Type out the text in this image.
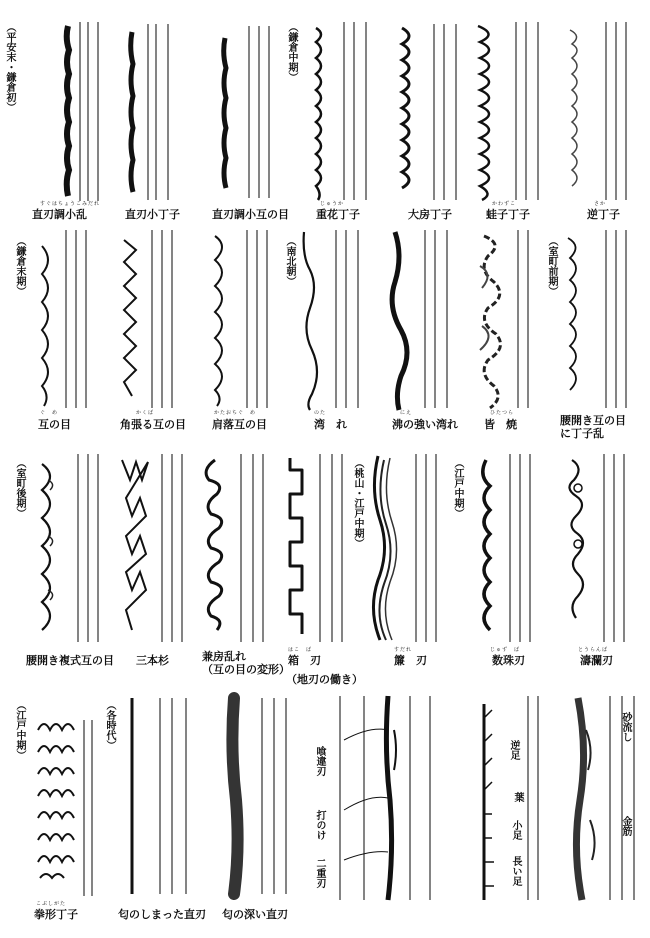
（平安末・鎌倉初）
すぐはちょうこみだれ
直刃調小乱	直刃小丁子	直刃調小互の目
（鎌倉中期）
じゅうか
重花丁子	大房丁子
かわずこ
蛙子丁子
さか
逆丁子
（鎌倉末期）
ぐ　め
互の目
かくば
角張る互の目
かたおちぐ　め
肩落互の目
（南北朝）
のた
湾　れ
にえ
沸の強い湾れ
ひたつら
皆　焼
（室町前期）
腰開き互の目
に丁子乱
（室町後期）
腰開き複式互の目 三本杉	兼房乱れ
（互の目の変形）
はこ　ば
箱　刃
（桃山・江戸中期）
すだれ
簾　刃
（江戸中期）
じゅず　ば
数珠刃
とうらんば
濤瀾刃
（地刃の働き）
（江戸中期）
こぶしがた
拳形丁子
（各時代）
匂のしまった直刃 匂の深い直刃
喰違刃
打のけ
二重刃
逆足
葉
小足
長い足
砂流し
金筋
